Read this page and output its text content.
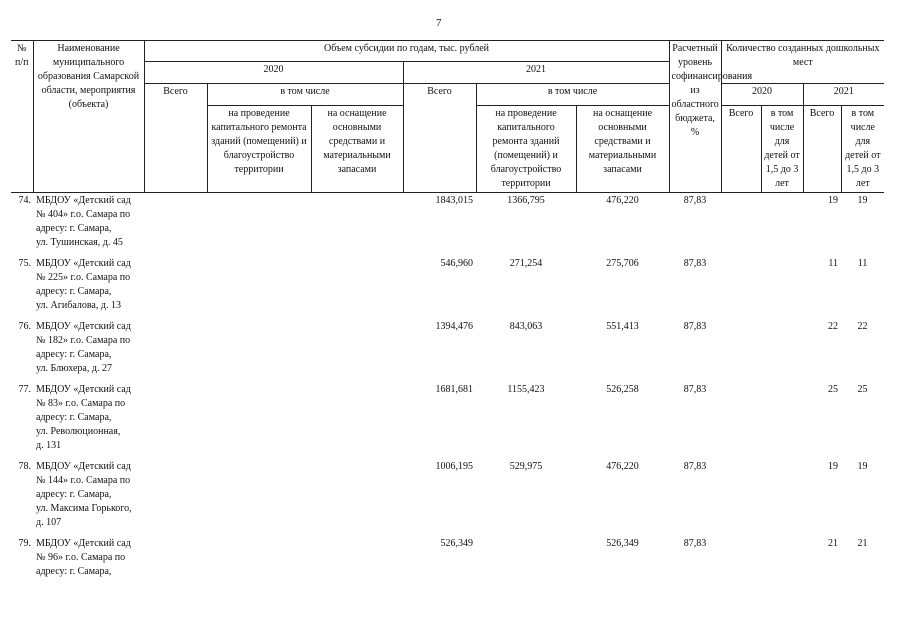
7
№ п/п	Наименование муниципального образования Самарской области, мероприятия (объекта)	Объем субсидии по годам, тыс. рублей						Расчетный уровень софинансирования из областного бюджета, %	Количество созданных дошкольных мест			
		2020			2021							
		Всего	в том числе		Всего	в том числе			2020		2021	
			на проведение капитального ремонта зданий (помещений) и благоустройство территории	на оснащение основными средствами и материальными запасами		на проведение капитального ремонта зданий (помещений) и благоустройство территории	на оснащение основными средствами и материальными запасами		Всего	в том числе для детей от 1,5 до 3 лет	Всего	в том числе для детей от 1,5 до 3 лет
74.	МБДОУ «Детский сад
№ 404» г.о. Самара по
адресу: г. Самара,
ул. Тушинская, д. 45				1843,015	1366,795	476,220	87,83			19	19
75.	МБДОУ «Детский сад
№ 225» г.о. Самара по
адресу: г. Самара,
ул. Агибалова, д. 13				546,960	271,254	275,706	87,83			11	11
76.	МБДОУ «Детский сад
№ 182» г.о. Самара по
адресу: г. Самара,
ул. Блюхера, д. 27				1394,476	843,063	551,413	87,83			22	22
77.	МБДОУ «Детский сад
№ 83» г.о. Самара по
адресу: г. Самара,
ул. Революционная,
д. 131				1681,681	1155,423	526,258	87,83			25	25
78.	МБДОУ «Детский сад
№ 144» г.о. Самара по
адресу: г. Самара,
ул. Максима Горького,
д. 107				1006,195	529,975	476,220	87,83			19	19
79.	МБДОУ «Детский сад
№ 96» г.о. Самара по
адресу: г. Самара,				526,349		526,349	87,83			21	21
